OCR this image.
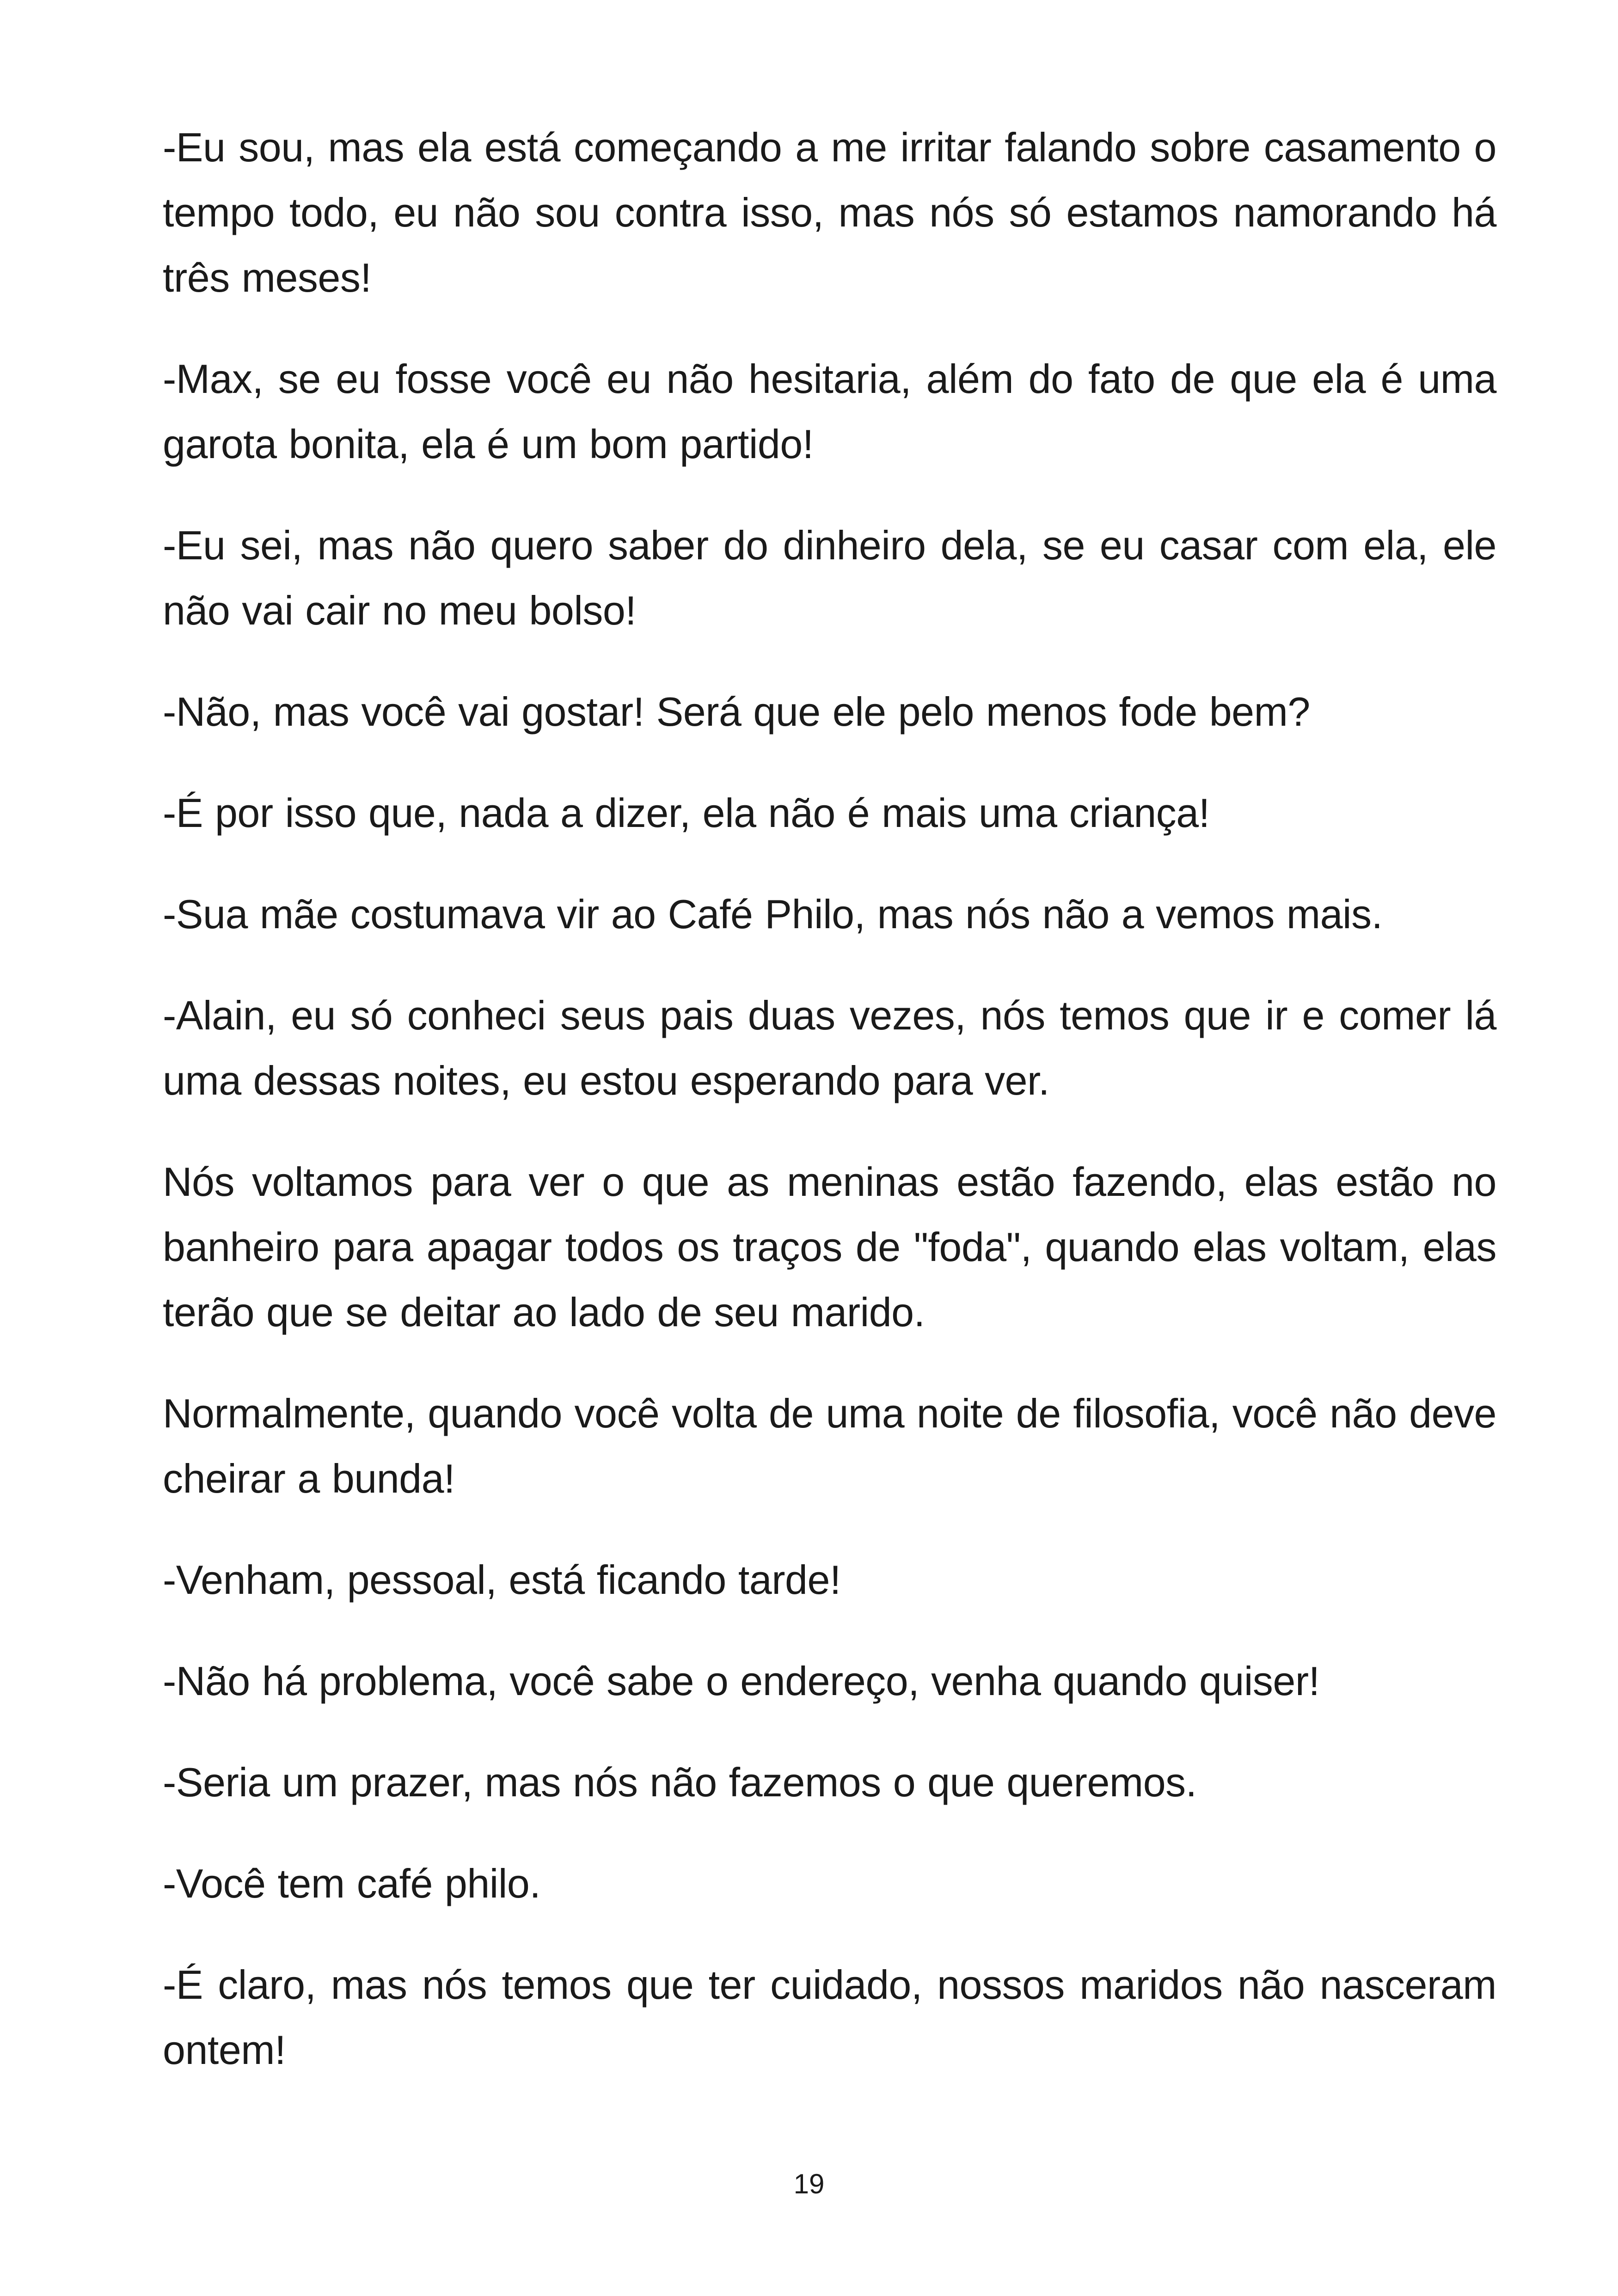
-Eu sou, mas ela está começando a me irritar falando sobre casamento o tempo todo, eu não sou contra isso, mas nós só estamos namorando há três meses!

-Max, se eu fosse você eu não hesitaria, além do fato de que ela é uma garota bonita, ela é um bom partido!

-Eu sei, mas não quero saber do dinheiro dela, se eu casar com ela, ele não vai cair no meu bolso!

-Não, mas você vai gostar! Será que ele pelo menos fode bem?

-É por isso que, nada a dizer, ela não é mais uma criança!

-Sua mãe costumava vir ao Café Philo, mas nós não a vemos mais.

-Alain, eu só conheci seus pais duas vezes, nós temos que ir e comer lá uma dessas noites, eu estou esperando para ver.

Nós voltamos para ver o que as meninas estão fazendo, elas estão no banheiro para apagar todos os traços de "foda", quando elas voltam, elas terão que se deitar ao lado de seu marido.

Normalmente, quando você volta de uma noite de filosofia, você não deve cheirar a bunda!

-Venham, pessoal, está ficando tarde!

-Não há problema, você sabe o endereço, venha quando quiser!

-Seria um prazer, mas nós não fazemos o que queremos.

-Você tem café philo.

-É claro, mas nós temos que ter cuidado, nossos maridos não nasceram ontem!

19
